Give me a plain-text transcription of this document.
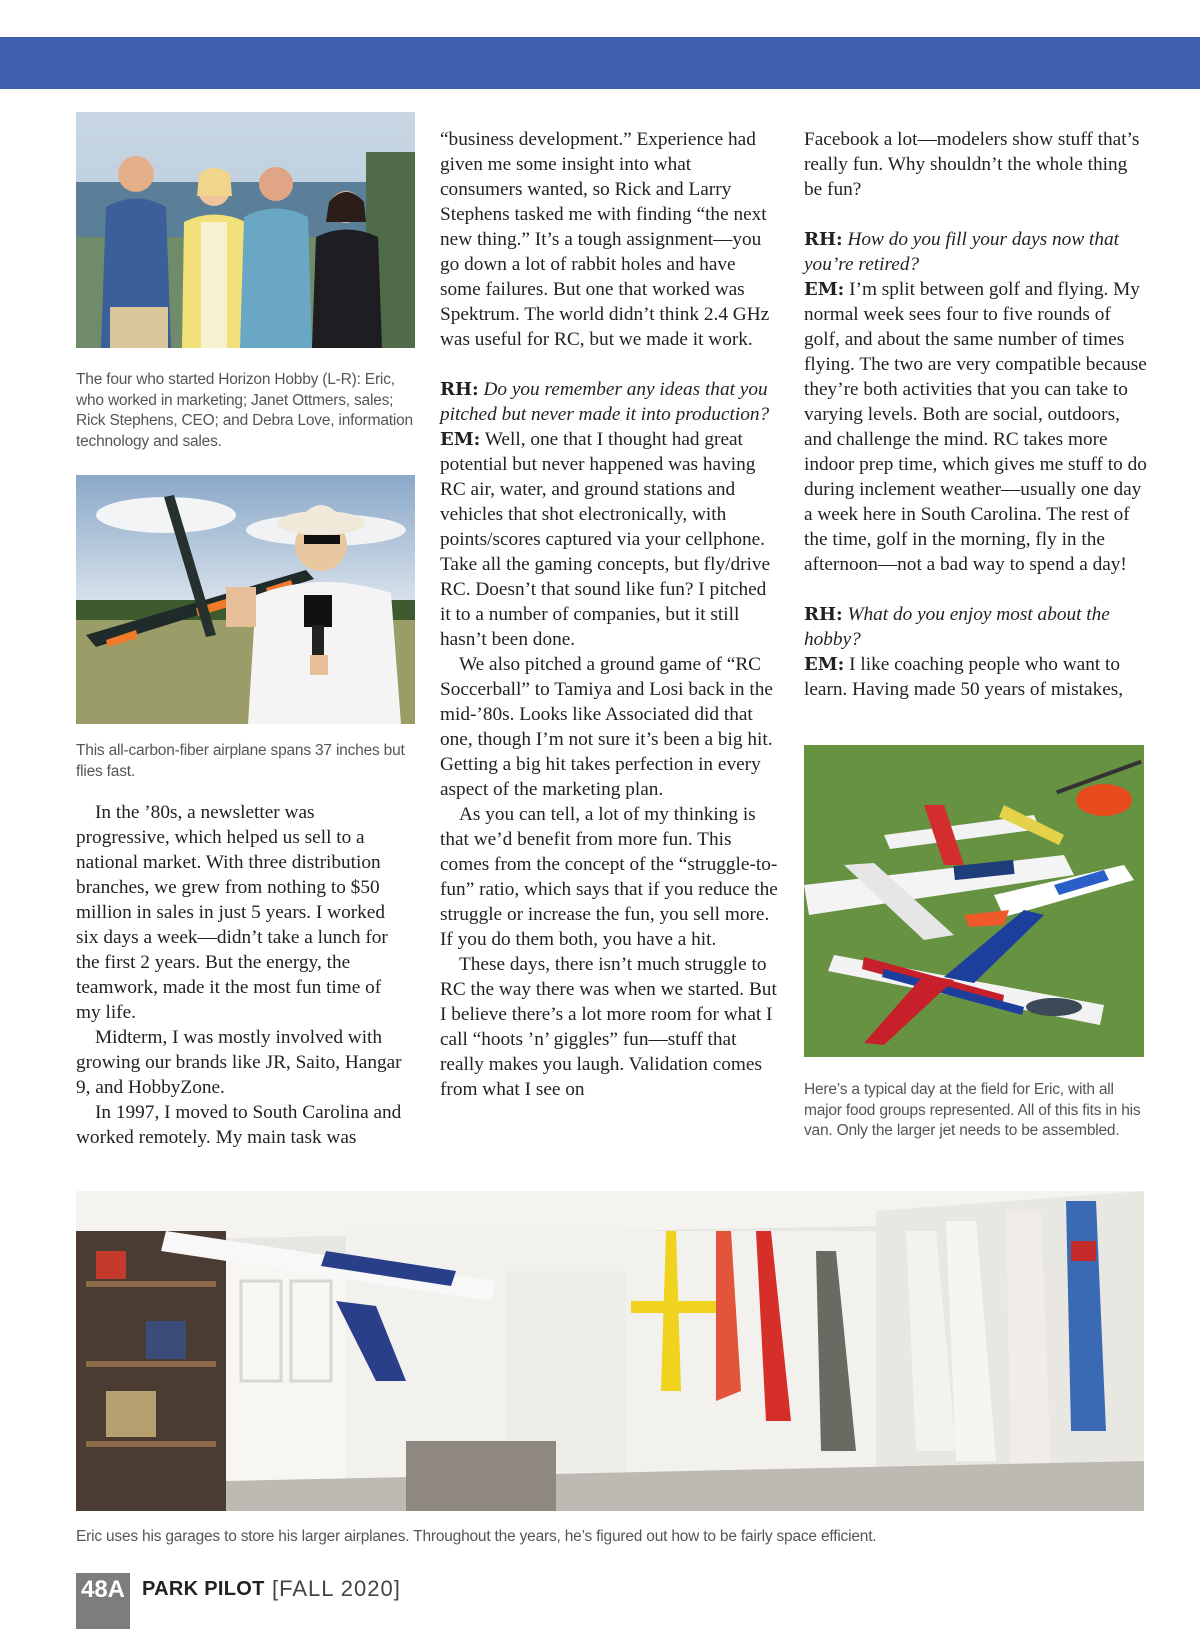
The four who started Horizon Hobby (L-R): Eric, who worked in marketing; Janet Ottmers, sales; Rick Stephens, CEO; and Debra Love, information technology and sales.
This all-carbon-fiber airplane spans 37 inches but flies fast.

In the ’80s, a newsletter was progressive, which helped us sell to a national market. With three distribution branches, we grew from nothing to $50 million in sales in just 5 years. I worked six days a week—didn’t take a lunch for the first 2 years. But the energy, the teamwork, made it the most fun time of my life.

Midterm, I was mostly involved with growing our brands like JR, Saito, Hangar 9, and HobbyZone.

In 1997, I moved to South Carolina and worked remotely. My main task was

“business development.” Experience had given me some insight into what consumers wanted, so Rick and Larry Stephens tasked me with finding “the next new thing.” It’s a tough assignment—you go down a lot of rabbit holes and have some failures. But one that worked was Spektrum. The world didn’t think 2.4 GHz was useful for RC, but we made it work.

RH: Do you remember any ideas that you pitched but never made it into production?

EM: Well, one that I thought had great potential but never happened was having RC air, water, and ground stations and vehicles that shot electronically, with points/scores captured via your cellphone. Take all the gaming concepts, but fly/drive RC. Doesn’t that sound like fun? I pitched it to a number of companies, but it still hasn’t been done.

We also pitched a ground game of “RC Soccerball” to Tamiya and Losi back in the mid-’80s. Looks like Associated did that one, though I’m not sure it’s been a big hit. Getting a big hit takes perfection in every aspect of the marketing plan.

As you can tell, a lot of my thinking is that we’d benefit from more fun. This comes from the concept of the “struggle-to-fun” ratio, which says that if you reduce the struggle or increase the fun, you sell more. If you do them both, you have a hit.

These days, there isn’t much struggle to RC the way there was when we started. But I believe there’s a lot more room for what I call “hoots ’n’ giggles” fun—stuff that really makes you laugh. Validation comes from what I see on

Facebook a lot—modelers show stuff that’s really fun. Why shouldn’t the whole thing be fun?

RH: How do you fill your days now that you’re retired?

EM: I’m split between golf and flying. My normal week sees four to five rounds of golf, and about the same number of times flying. The two are very compatible because they’re both activities that you can take to varying levels. Both are social, outdoors, and challenge the mind. RC takes more indoor prep time, which gives me stuff to do during inclement weather—usually one day a week here in South Carolina. The rest of the time, golf in the morning, fly in the afternoon—not a bad way to spend a day!

RH: What do you enjoy most about the hobby?

EM: I like coaching people who want to learn. Having made 50 years of mistakes,

Here’s a typical day at the field for Eric, with all major food groups represented. All of this fits in his van. Only the larger jet needs to be assembled.
Eric uses his garages to store his larger airplanes. Throughout the years, he’s figured out how to be fairly space efficient.
48A PARK PILOT [FALL 2020]
